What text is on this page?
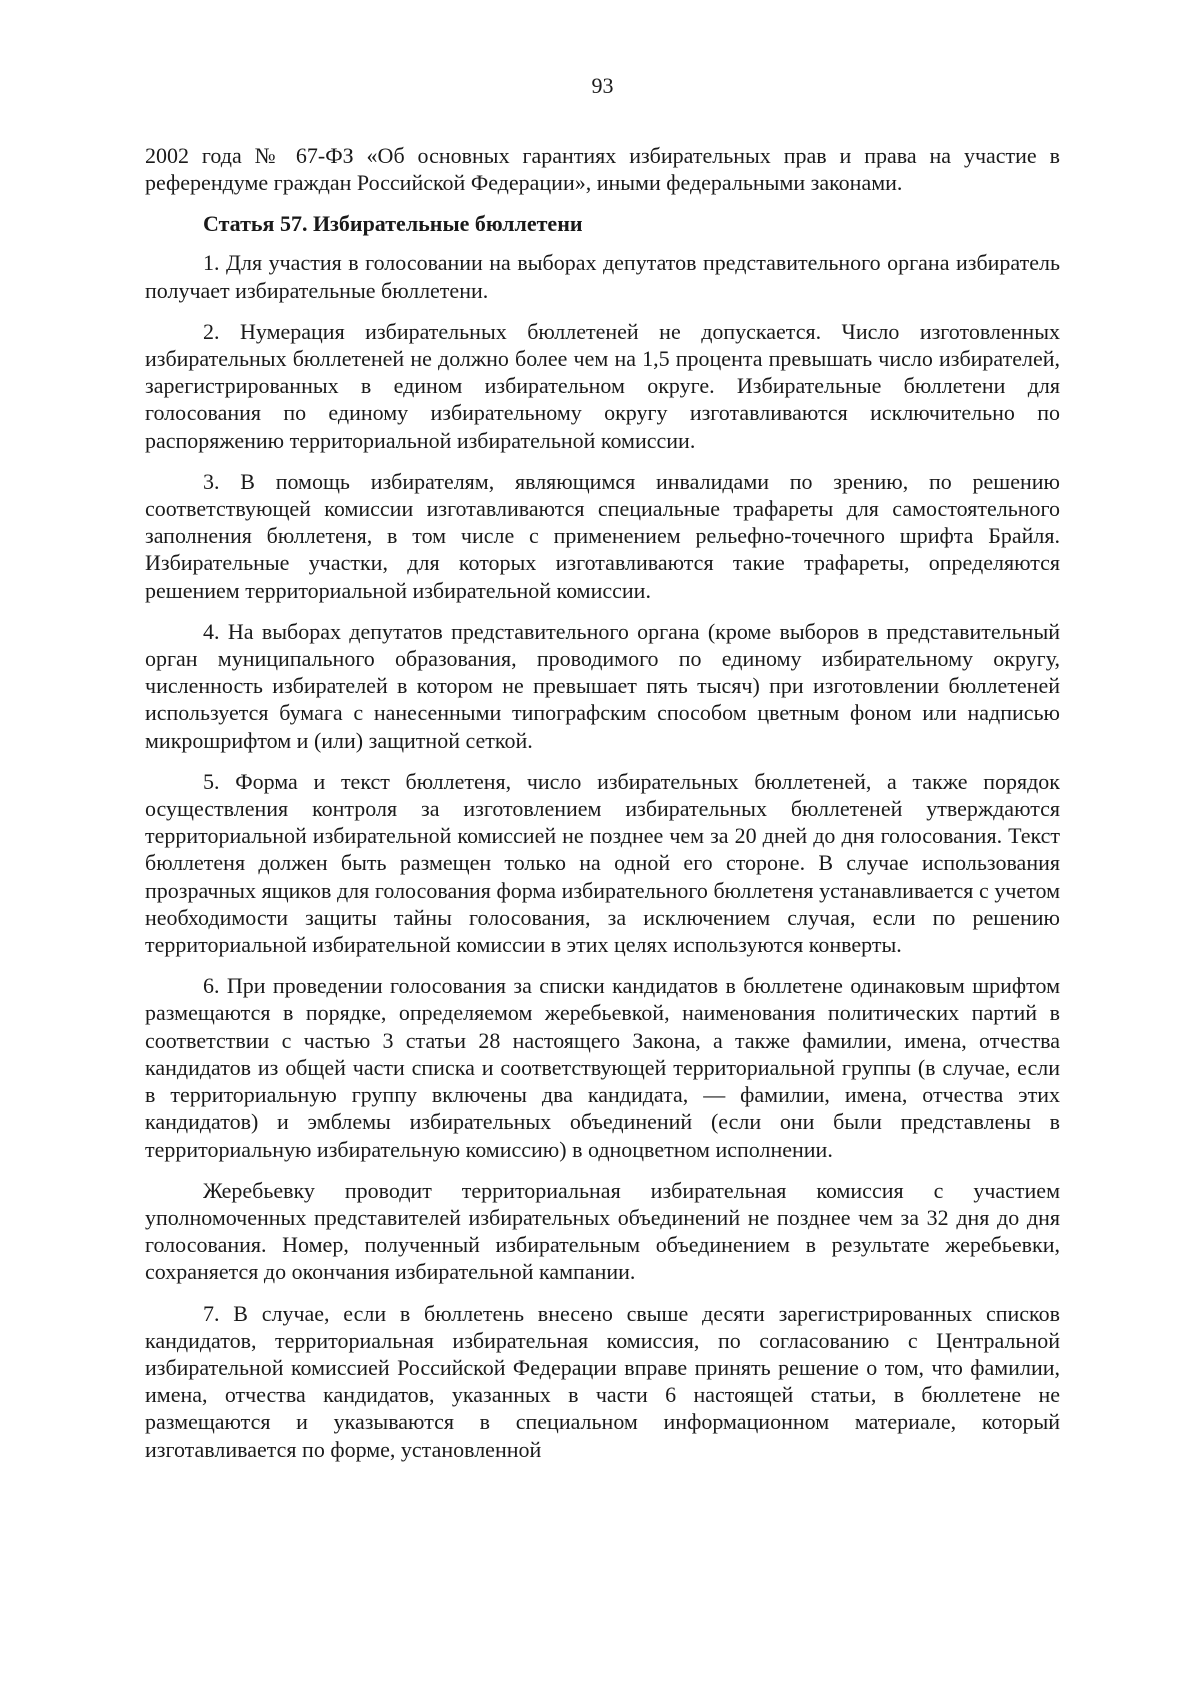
93

2002 года № 67-ФЗ «Об основных гарантиях избирательных прав и права на участие в референдуме граждан Российской Федерации», иными федеральными законами.

Статья 57. Избирательные бюллетени

1. Для участия в голосовании на выборах депутатов представительного органа избиратель получает избирательные бюллетени.

2. Нумерация избирательных бюллетеней не допускается. Число изготовленных избирательных бюллетеней не должно более чем на 1,5 процента превышать число избирателей, зарегистрированных в едином избирательном округе. Избирательные бюллетени для голосования по единому избирательному округу изготавливаются исключительно по распоряжению территориальной избирательной комиссии.

3. В помощь избирателям, являющимся инвалидами по зрению, по решению соответствующей комиссии изготавливаются специальные трафареты для самостоятельного заполнения бюллетеня, в том числе с применением рельефно-точечного шрифта Брайля. Избирательные участки, для которых изготавливаются такие трафареты, определяются решением территориальной избирательной комиссии.

4. На выборах депутатов представительного органа (кроме выборов в представительный орган муниципального образования, проводимого по единому избирательному округу, численность избирателей в котором не превышает пять тысяч) при изготовлении бюллетеней используется бумага с нанесенными типографским способом цветным фоном или надписью микрошрифтом и (или) защитной сеткой.

5. Форма и текст бюллетеня, число избирательных бюллетеней, а также порядок осуществления контроля за изготовлением избирательных бюллетеней утверждаются территориальной избирательной комиссией не позднее чем за 20 дней до дня голосования. Текст бюллетеня должен быть размещен только на одной его стороне. В случае использования прозрачных ящиков для голосования форма избирательного бюллетеня устанавливается с учетом необходимости защиты тайны голосования, за исключением случая, если по решению территориальной избирательной комиссии в этих целях используются конверты.

6. При проведении голосования за списки кандидатов в бюллетене одинаковым шрифтом размещаются в порядке, определяемом жеребьевкой, наименования политических партий в соответствии с частью 3 статьи 28 настоящего Закона, а также фамилии, имена, отчества кандидатов из общей части списка и соответствующей территориальной группы (в случае, если в территориальную группу включены два кандидата, — фамилии, имена, отчества этих кандидатов) и эмблемы избирательных объединений (если они были представлены в территориальную избирательную комиссию) в одноцветном исполнении.

Жеребьевку проводит территориальная избирательная комиссия с участием уполномоченных представителей избирательных объединений не позднее чем за 32 дня до дня голосования. Номер, полученный избирательным объединением в результате жеребьевки, сохраняется до окончания избирательной кампании.

7. В случае, если в бюллетень внесено свыше десяти зарегистрированных списков кандидатов, территориальная избирательная комиссия, по согласованию с Центральной избирательной комиссией Российской Федерации вправе принять решение о том, что фамилии, имена, отчества кандидатов, указанных в части 6 настоящей статьи, в бюллетене не размещаются и указываются в специальном информационном материале, который изготавливается по форме, установленной
